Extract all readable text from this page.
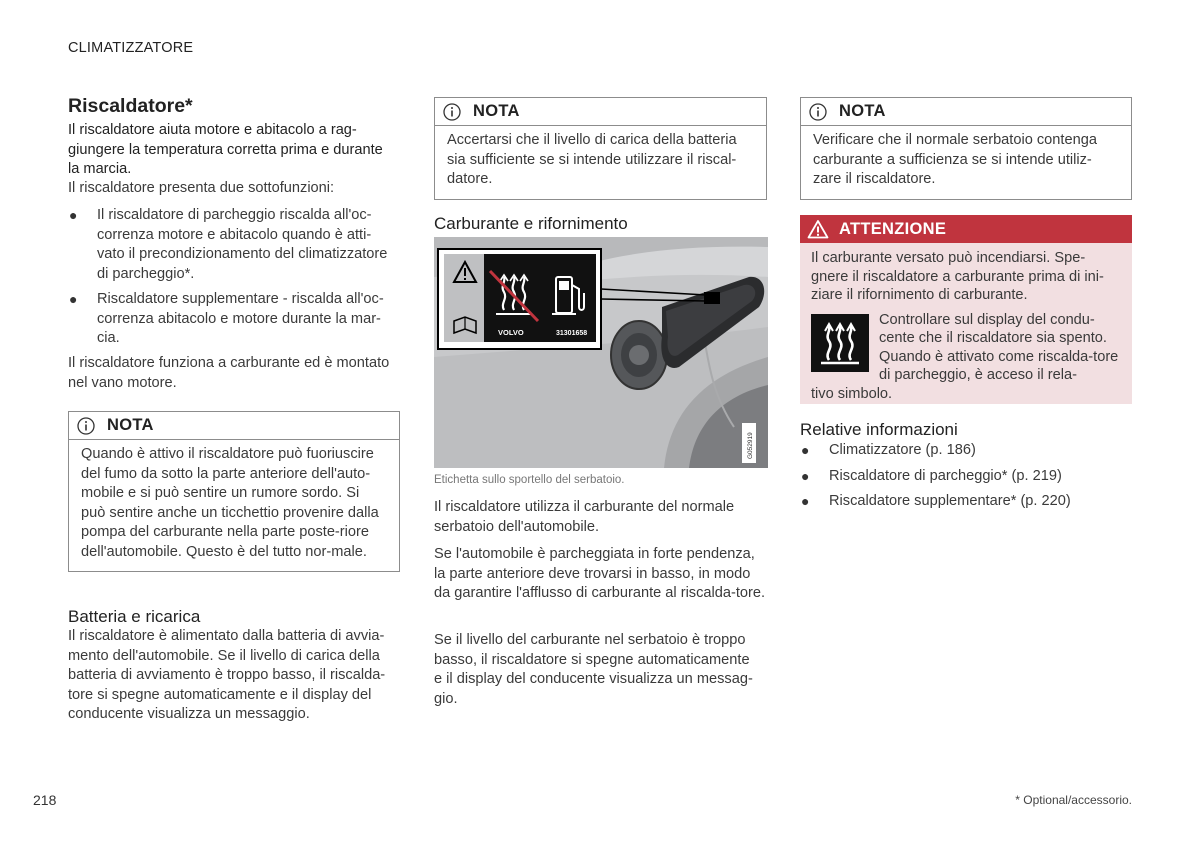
CLIMATIZZATORE
218	* Optional/accessorio.
Riscaldatore*

Il riscaldatore aiuta motore e abitacolo a rag-giungere la temperatura corretta prima e durante la marcia.

Il riscaldatore presenta due sottofunzioni:

● Il riscaldatore di parcheggio riscalda all'oc-correnza motore e abitacolo quando è atti-vato il precondizionamento del climatizzatore di parcheggio*.
● Riscaldatore supplementare - riscalda all'oc-correnza abitacolo e motore durante la mar-cia.

Il riscaldatore funziona a carburante ed è montato nel vano motore.

NOTA
Quando è attivo il riscaldatore può fuoriuscire del fumo da sotto la parte anteriore dell'auto-mobile e si può sentire un rumore sordo. Si può sentire anche un ticchettio provenire dalla pompa del carburante nella parte poste-riore dell'automobile. Questo è del tutto nor-male.
Batteria e ricarica

Il riscaldatore è alimentato dalla batteria di avvia-mento dell'automobile. Se il livello di carica della batteria di avviamento è troppo basso, il riscalda-tore si spegne automaticamente e il display del conducente visualizza un messaggio.

NOTA
Accertarsi che il livello di carica della batteria sia sufficiente se si intende utilizzare il riscal-datore.
Carburante e rifornimento
VOLVO	31301658
G052919
Etichetta sullo sportello del serbatoio.

Il riscaldatore utilizza il carburante del normale serbatoio dell'automobile.

Se l'automobile è parcheggiata in forte pendenza, la parte anteriore deve trovarsi in basso, in modo da garantire l'afflusso di carburante al riscalda-tore.

Se il livello del carburante nel serbatoio è troppo basso, il riscaldatore si spegne automaticamente e il display del conducente visualizza un messag-gio.

NOTA
Verificare che il normale serbatoio contenga carburante a sufficienza se si intende utiliz-zare il riscaldatore.
ATTENZIONE
Il carburante versato può incendiarsi. Spe-gnere il riscaldatore a carburante prima di ini-ziare il rifornimento di carburante.
Controllare sul display del condu-cente che il riscaldatore sia spento. Quando è attivato come riscalda-tore di parcheggio, è acceso il rela-
tivo simbolo.
Relative informazioni
● Climatizzatore (p. 186)
● Riscaldatore di parcheggio* (p. 219)
● Riscaldatore supplementare* (p. 220)
